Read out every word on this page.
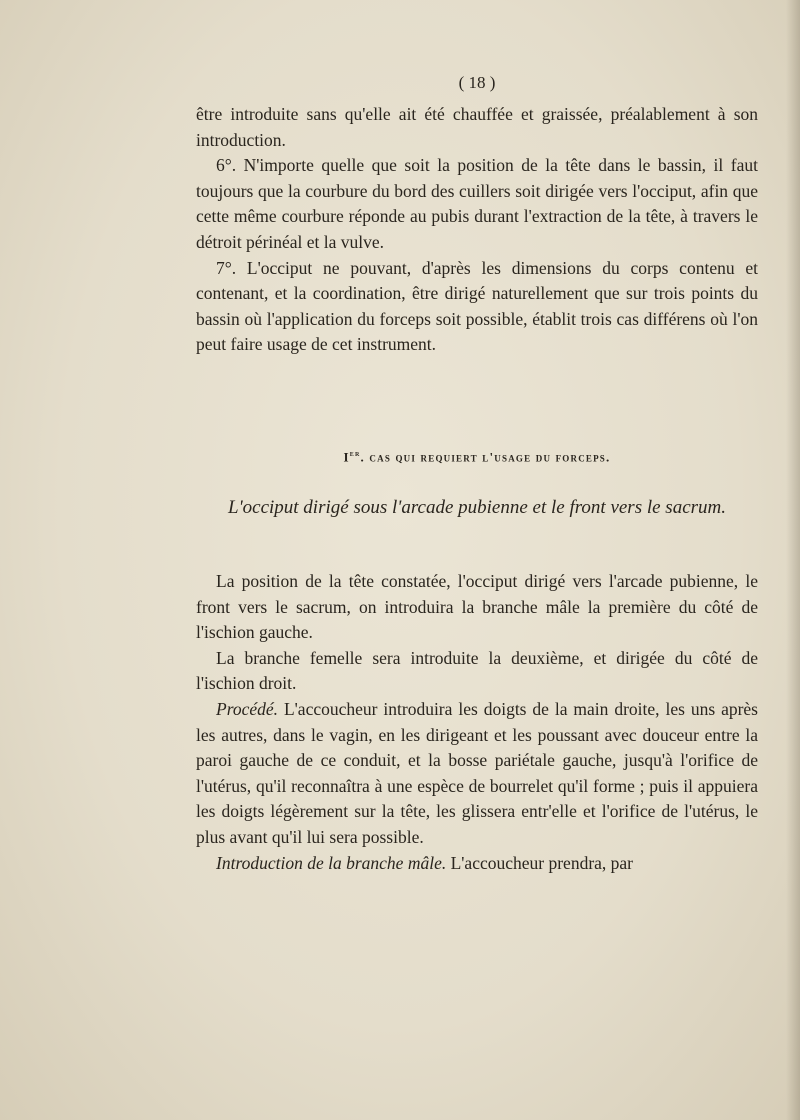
( 18 )

être introduite sans qu'elle ait été chauffée et graissée, préalablement à son introduction.

6°. N'importe quelle que soit la position de la tête dans le bassin, il faut toujours que la courbure du bord des cuillers soit dirigée vers l'occiput, afin que cette même courbure réponde au pubis durant l'extraction de la tête, à travers le détroit périnéal et la vulve.

7°. L'occiput ne pouvant, d'après les dimensions du corps contenu et contenant, et la coordination, être dirigé naturellement que sur trois points du bassin où l'application du forceps soit possible, établit trois cas différens où l'on peut faire usage de cet instrument.

Ier. cas qui requiert l'usage du forceps.
L'occiput dirigé sous l'arcade pubienne et le front vers le sacrum.

La position de la tête constatée, l'occiput dirigé vers l'arcade pubienne, le front vers le sacrum, on introduira la branche mâle la première du côté de l'ischion gauche.

La branche femelle sera introduite la deuxième, et dirigée du côté de l'ischion droit.

Procédé. L'accoucheur introduira les doigts de la main droite, les uns après les autres, dans le vagin, en les dirigeant et les poussant avec douceur entre la paroi gauche de ce conduit, et la bosse pariétale gauche, jusqu'à l'orifice de l'utérus, qu'il reconnaîtra à une espèce de bourrelet qu'il forme ; puis il appuiera les doigts légèrement sur la tête, les glissera entr'elle et l'orifice de l'utérus, le plus avant qu'il lui sera possible.

Introduction de la branche mâle. L'accoucheur prendra, par
